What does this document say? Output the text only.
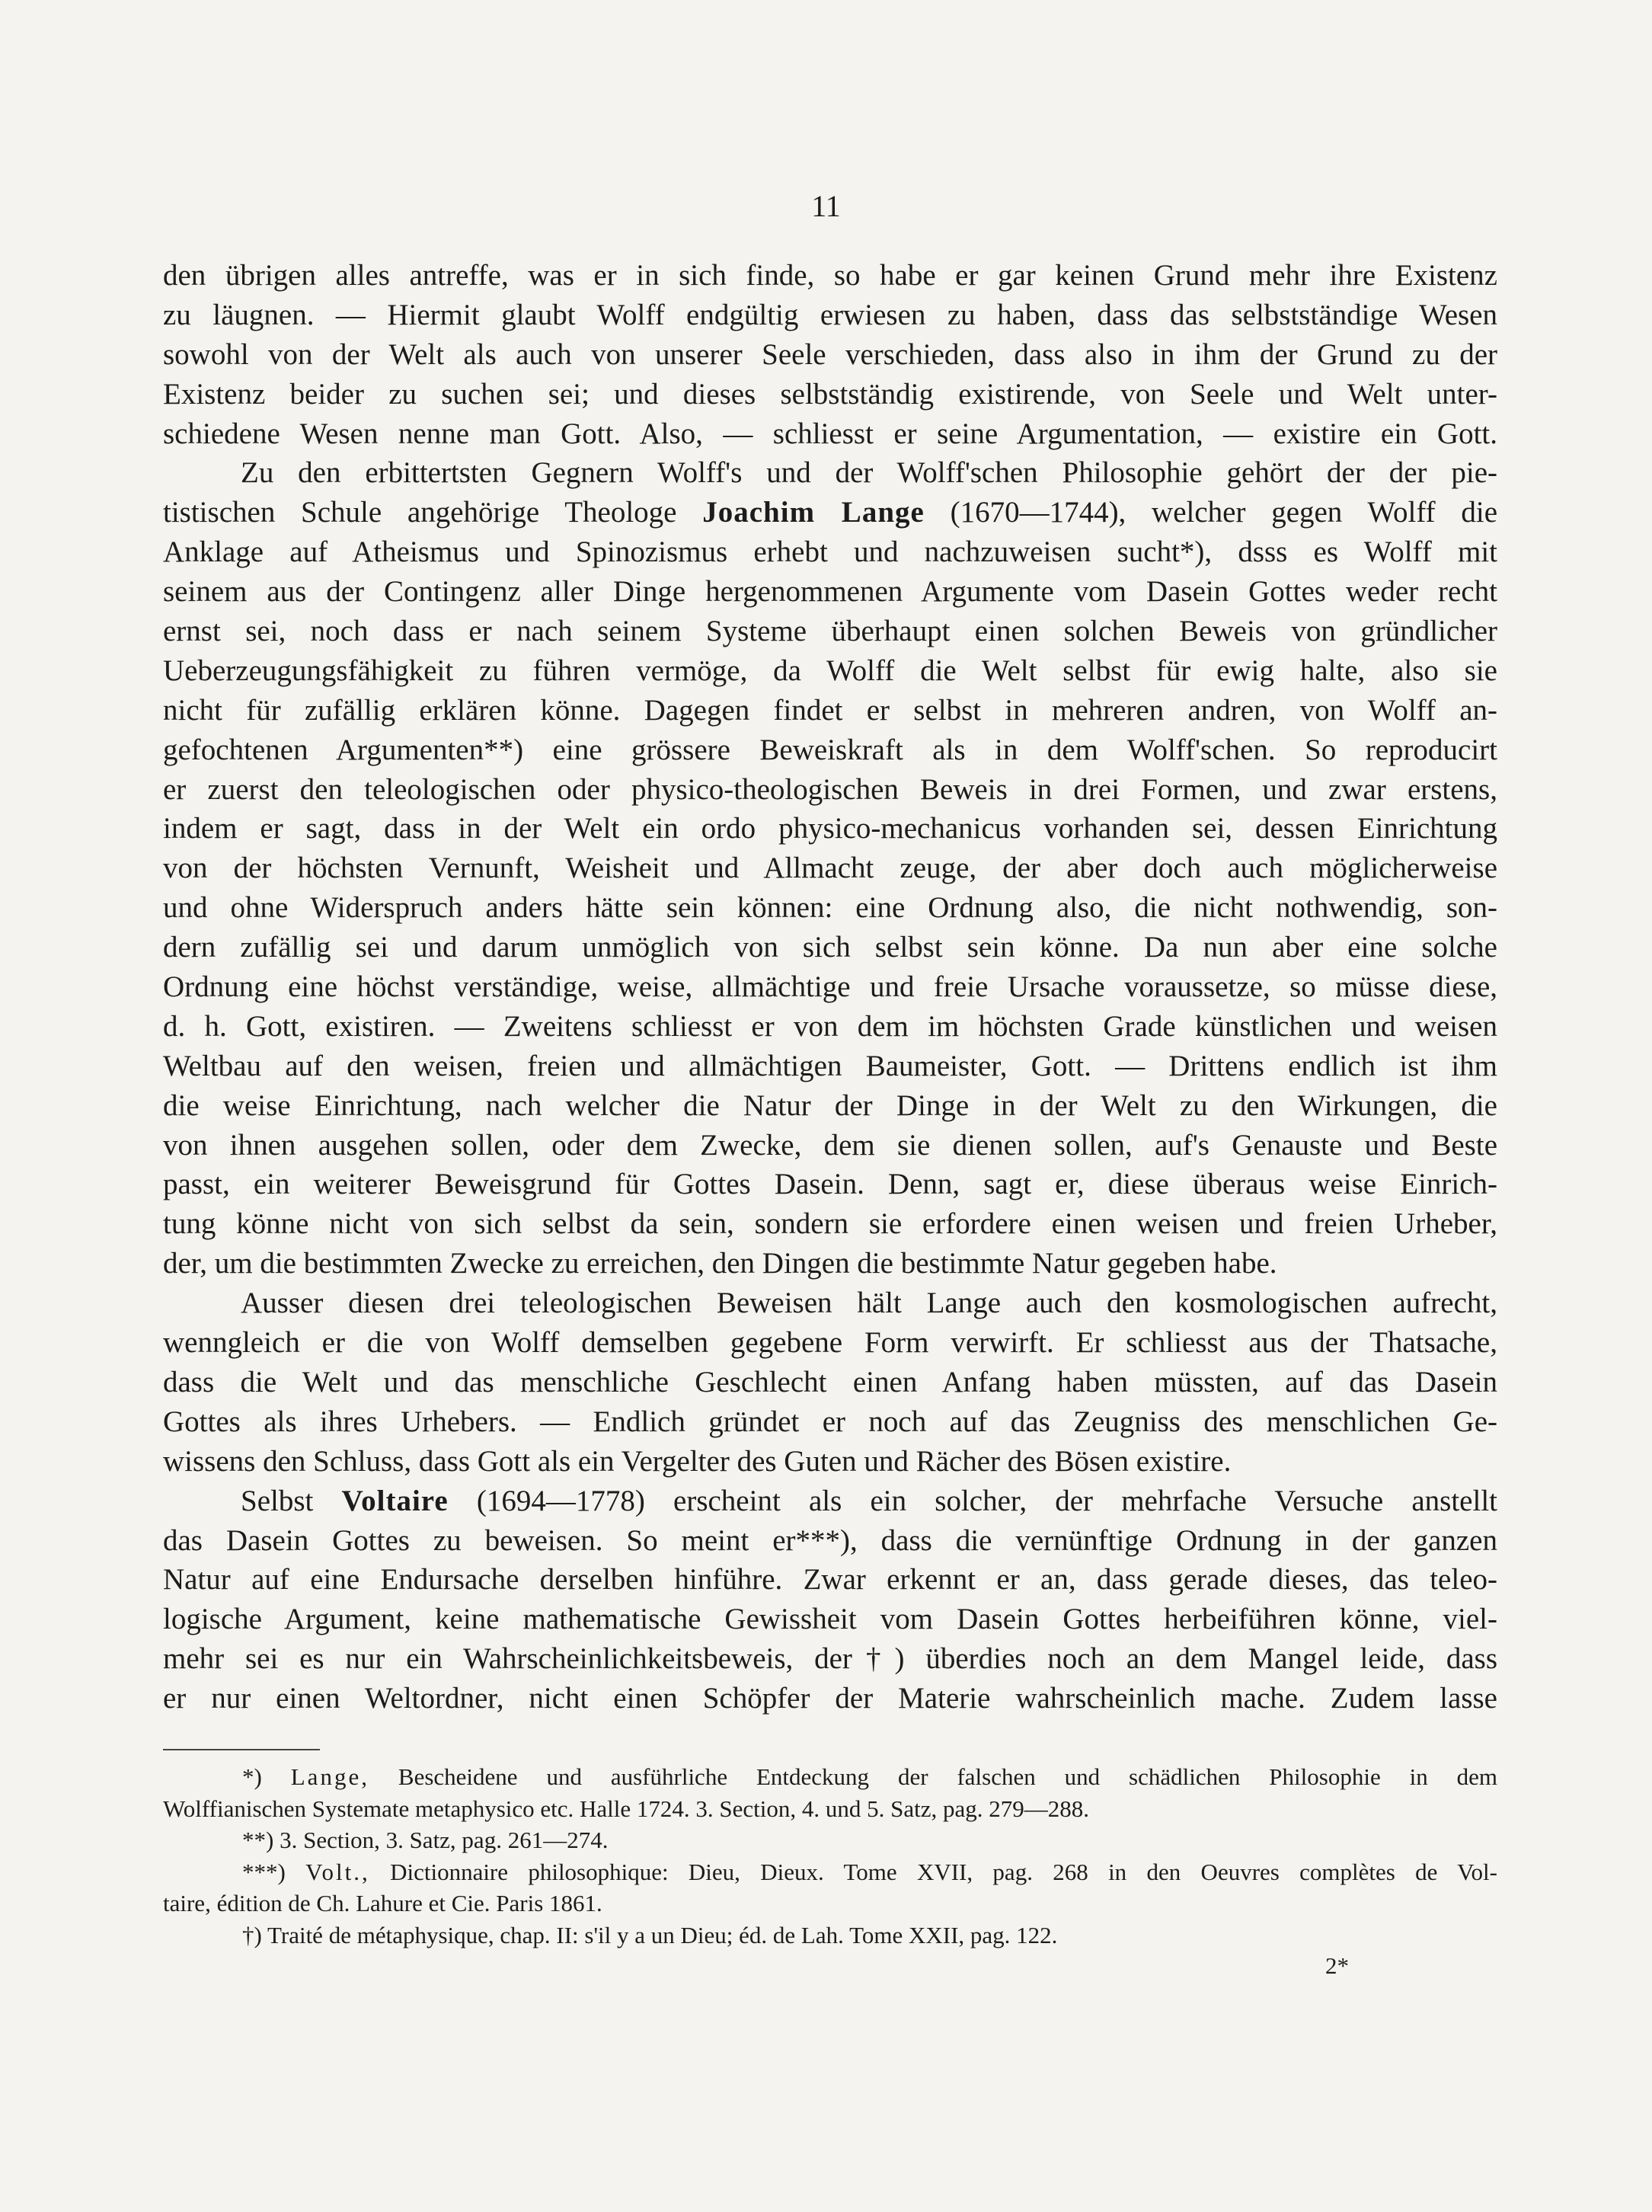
11
den übrigen alles antreffe, was er in sich finde, so habe er gar keinen Grund mehr ihre Existenz
zu läugnen. — Hiermit glaubt Wolff endgültig erwiesen zu haben, dass das selbstständige Wesen
sowohl von der Welt als auch von unserer Seele verschieden, dass also in ihm der Grund zu der
Existenz beider zu suchen sei; und dieses selbstständig existirende, von Seele und Welt unter-
schiedene Wesen nenne man Gott. Also, — schliesst er seine Argumentation, — existire ein Gott.
Zu den erbittertsten Gegnern Wolff's und der Wolff'schen Philosophie gehört der der pie-
tistischen Schule angehörige Theologe Joachim Lange (1670—1744), welcher gegen Wolff die
Anklage auf Atheismus und Spinozismus erhebt und nachzuweisen sucht*), dsss es Wolff mit
seinem aus der Contingenz aller Dinge hergenommenen Argumente vom Dasein Gottes weder recht
ernst sei, noch dass er nach seinem Systeme überhaupt einen solchen Beweis von gründlicher
Ueberzeugungsfähigkeit zu führen vermöge, da Wolff die Welt selbst für ewig halte, also sie
nicht für zufällig erklären könne. Dagegen findet er selbst in mehreren andren, von Wolff an-
gefochtenen Argumenten**) eine grössere Beweiskraft als in dem Wolff'schen. So reproducirt
er zuerst den teleologischen oder physico-theologischen Beweis in drei Formen, und zwar erstens,
indem er sagt, dass in der Welt ein ordo physico-mechanicus vorhanden sei, dessen Einrichtung
von der höchsten Vernunft, Weisheit und Allmacht zeuge, der aber doch auch möglicherweise
und ohne Widerspruch anders hätte sein können: eine Ordnung also, die nicht nothwendig, son-
dern zufällig sei und darum unmöglich von sich selbst sein könne. Da nun aber eine solche
Ordnung eine höchst verständige, weise, allmächtige und freie Ursache voraussetze, so müsse diese,
d. h. Gott, existiren. — Zweitens schliesst er von dem im höchsten Grade künstlichen und weisen
Weltbau auf den weisen, freien und allmächtigen Baumeister, Gott. — Drittens endlich ist ihm
die weise Einrichtung, nach welcher die Natur der Dinge in der Welt zu den Wirkungen, die
von ihnen ausgehen sollen, oder dem Zwecke, dem sie dienen sollen, auf's Genauste und Beste
passt, ein weiterer Beweisgrund für Gottes Dasein. Denn, sagt er, diese überaus weise Einrich-
tung könne nicht von sich selbst da sein, sondern sie erfordere einen weisen und freien Urheber,
der, um die bestimmten Zwecke zu erreichen, den Dingen die bestimmte Natur gegeben habe.
Ausser diesen drei teleologischen Beweisen hält Lange auch den kosmologischen aufrecht,
wenngleich er die von Wolff demselben gegebene Form verwirft. Er schliesst aus der Thatsache,
dass die Welt und das menschliche Geschlecht einen Anfang haben müssten, auf das Dasein
Gottes als ihres Urhebers. — Endlich gründet er noch auf das Zeugniss des menschlichen Ge-
wissens den Schluss, dass Gott als ein Vergelter des Guten und Rächer des Bösen existire.
Selbst Voltaire (1694—1778) erscheint als ein solcher, der mehrfache Versuche anstellt
das Dasein Gottes zu beweisen. So meint er***), dass die vernünftige Ordnung in der ganzen
Natur auf eine Endursache derselben hinführe. Zwar erkennt er an, dass gerade dieses, das teleo-
logische Argument, keine mathematische Gewissheit vom Dasein Gottes herbeiführen könne, viel-
mehr sei es nur ein Wahrscheinlichkeitsbeweis, der†) überdies noch an dem Mangel leide, dass
er nur einen Weltordner, nicht einen Schöpfer der Materie wahrscheinlich mache. Zudem lasse
*) Lange, Bescheidene und ausführliche Entdeckung der falschen und schädlichen Philosophie in dem
Wolffianischen Systemate metaphysico etc. Halle 1724. 3. Section, 4. und 5. Satz, pag. 279—288.
**) 3. Section, 3. Satz, pag. 261—274.
***) Volt., Dictionnaire philosophique: Dieu, Dieux. Tome XVII, pag. 268 in den Oeuvres complètes de Vol-
taire, édition de Ch. Lahure et Cie. Paris 1861.
†) Traité de métaphysique, chap. II: s'il y a un Dieu; éd. de Lah. Tome XXII, pag. 122.
2*
